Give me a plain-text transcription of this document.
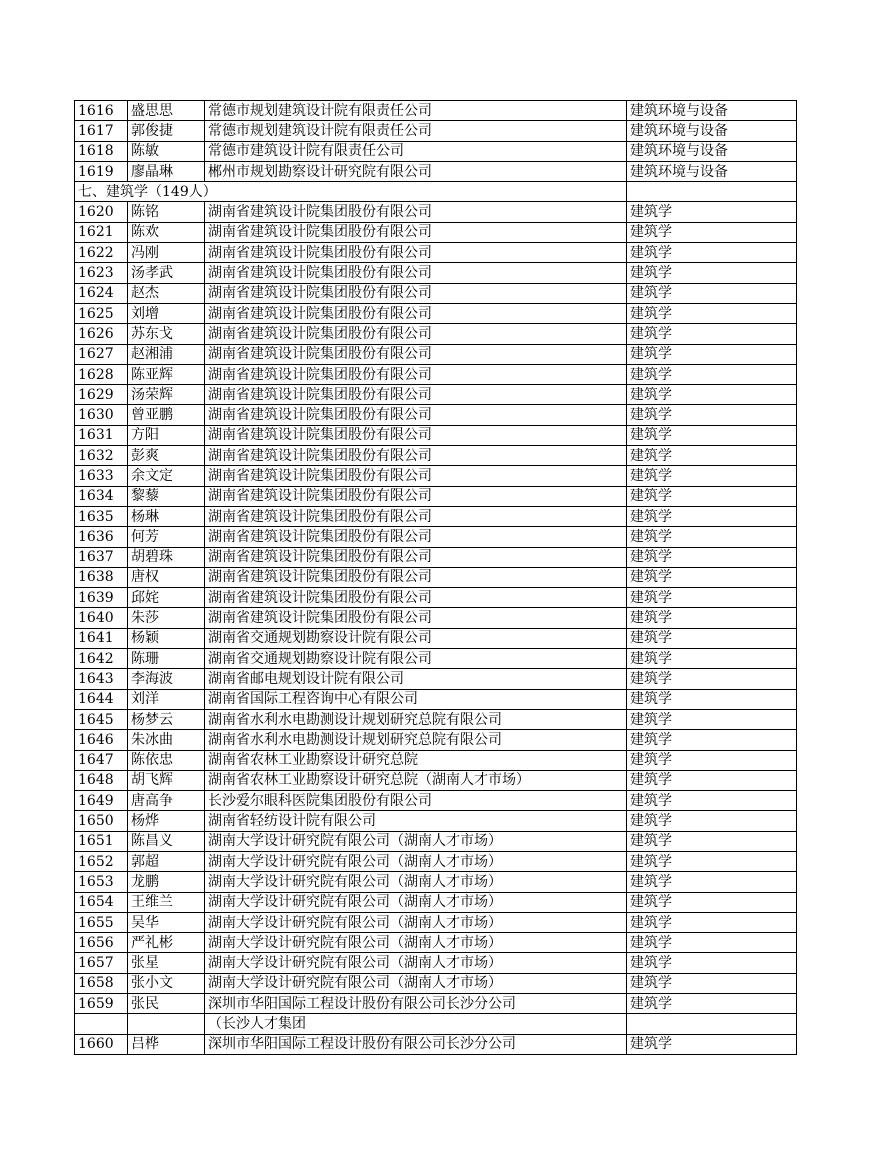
1616	盛思思	常德市规划建筑设计院有限责任公司	建筑环境与设备
1617	郭俊捷	常德市规划建筑设计院有限责任公司	建筑环境与设备
1618	陈敏	常德市建筑设计院有限责任公司	建筑环境与设备
1619	廖晶琳	郴州市规划勘察设计研究院有限公司	建筑环境与设备
七、建筑学（149人）			
1620	陈铭	湖南省建筑设计院集团股份有限公司	建筑学
1621	陈欢	湖南省建筑设计院集团股份有限公司	建筑学
1622	冯刚	湖南省建筑设计院集团股份有限公司	建筑学
1623	汤孝武	湖南省建筑设计院集团股份有限公司	建筑学
1624	赵杰	湖南省建筑设计院集团股份有限公司	建筑学
1625	刘增	湖南省建筑设计院集团股份有限公司	建筑学
1626	苏东戈	湖南省建筑设计院集团股份有限公司	建筑学
1627	赵湘浦	湖南省建筑设计院集团股份有限公司	建筑学
1628	陈亚辉	湖南省建筑设计院集团股份有限公司	建筑学
1629	汤荣辉	湖南省建筑设计院集团股份有限公司	建筑学
1630	曾亚鹏	湖南省建筑设计院集团股份有限公司	建筑学
1631	方阳	湖南省建筑设计院集团股份有限公司	建筑学
1632	彭爽	湖南省建筑设计院集团股份有限公司	建筑学
1633	余文定	湖南省建筑设计院集团股份有限公司	建筑学
1634	黎藜	湖南省建筑设计院集团股份有限公司	建筑学
1635	杨琳	湖南省建筑设计院集团股份有限公司	建筑学
1636	何芳	湖南省建筑设计院集团股份有限公司	建筑学
1637	胡碧珠	湖南省建筑设计院集团股份有限公司	建筑学
1638	唐权	湖南省建筑设计院集团股份有限公司	建筑学
1639	邱姹	湖南省建筑设计院集团股份有限公司	建筑学
1640	朱莎	湖南省建筑设计院集团股份有限公司	建筑学
1641	杨颖	湖南省交通规划勘察设计院有限公司	建筑学
1642	陈珊	湖南省交通规划勘察设计院有限公司	建筑学
1643	李海波	湖南省邮电规划设计院有限公司	建筑学
1644	刘洋	湖南省国际工程咨询中心有限公司	建筑学
1645	杨梦云	湖南省水利水电勘测设计规划研究总院有限公司	建筑学
1646	朱冰曲	湖南省水利水电勘测设计规划研究总院有限公司	建筑学
1647	陈依忠	湖南省农林工业勘察设计研究总院	建筑学
1648	胡飞辉	湖南省农林工业勘察设计研究总院（湖南人才市场）	建筑学
1649	唐高争	长沙爱尔眼科医院集团股份有限公司	建筑学
1650	杨烨	湖南省轻纺设计院有限公司	建筑学
1651	陈昌义	湖南大学设计研究院有限公司（湖南人才市场）	建筑学
1652	郭超	湖南大学设计研究院有限公司（湖南人才市场）	建筑学
1653	龙鹏	湖南大学设计研究院有限公司（湖南人才市场）	建筑学
1654	王维兰	湖南大学设计研究院有限公司（湖南人才市场）	建筑学
1655	吴华	湖南大学设计研究院有限公司（湖南人才市场）	建筑学
1656	严礼彬	湖南大学设计研究院有限公司（湖南人才市场）	建筑学
1657	张星	湖南大学设计研究院有限公司（湖南人才市场）	建筑学
1658	张小文	湖南大学设计研究院有限公司（湖南人才市场）	建筑学
1659	张民	深圳市华阳国际工程设计股份有限公司长沙分公司	建筑学
		（长沙人才集团	
1660	吕桦	深圳市华阳国际工程设计股份有限公司长沙分公司	建筑学
